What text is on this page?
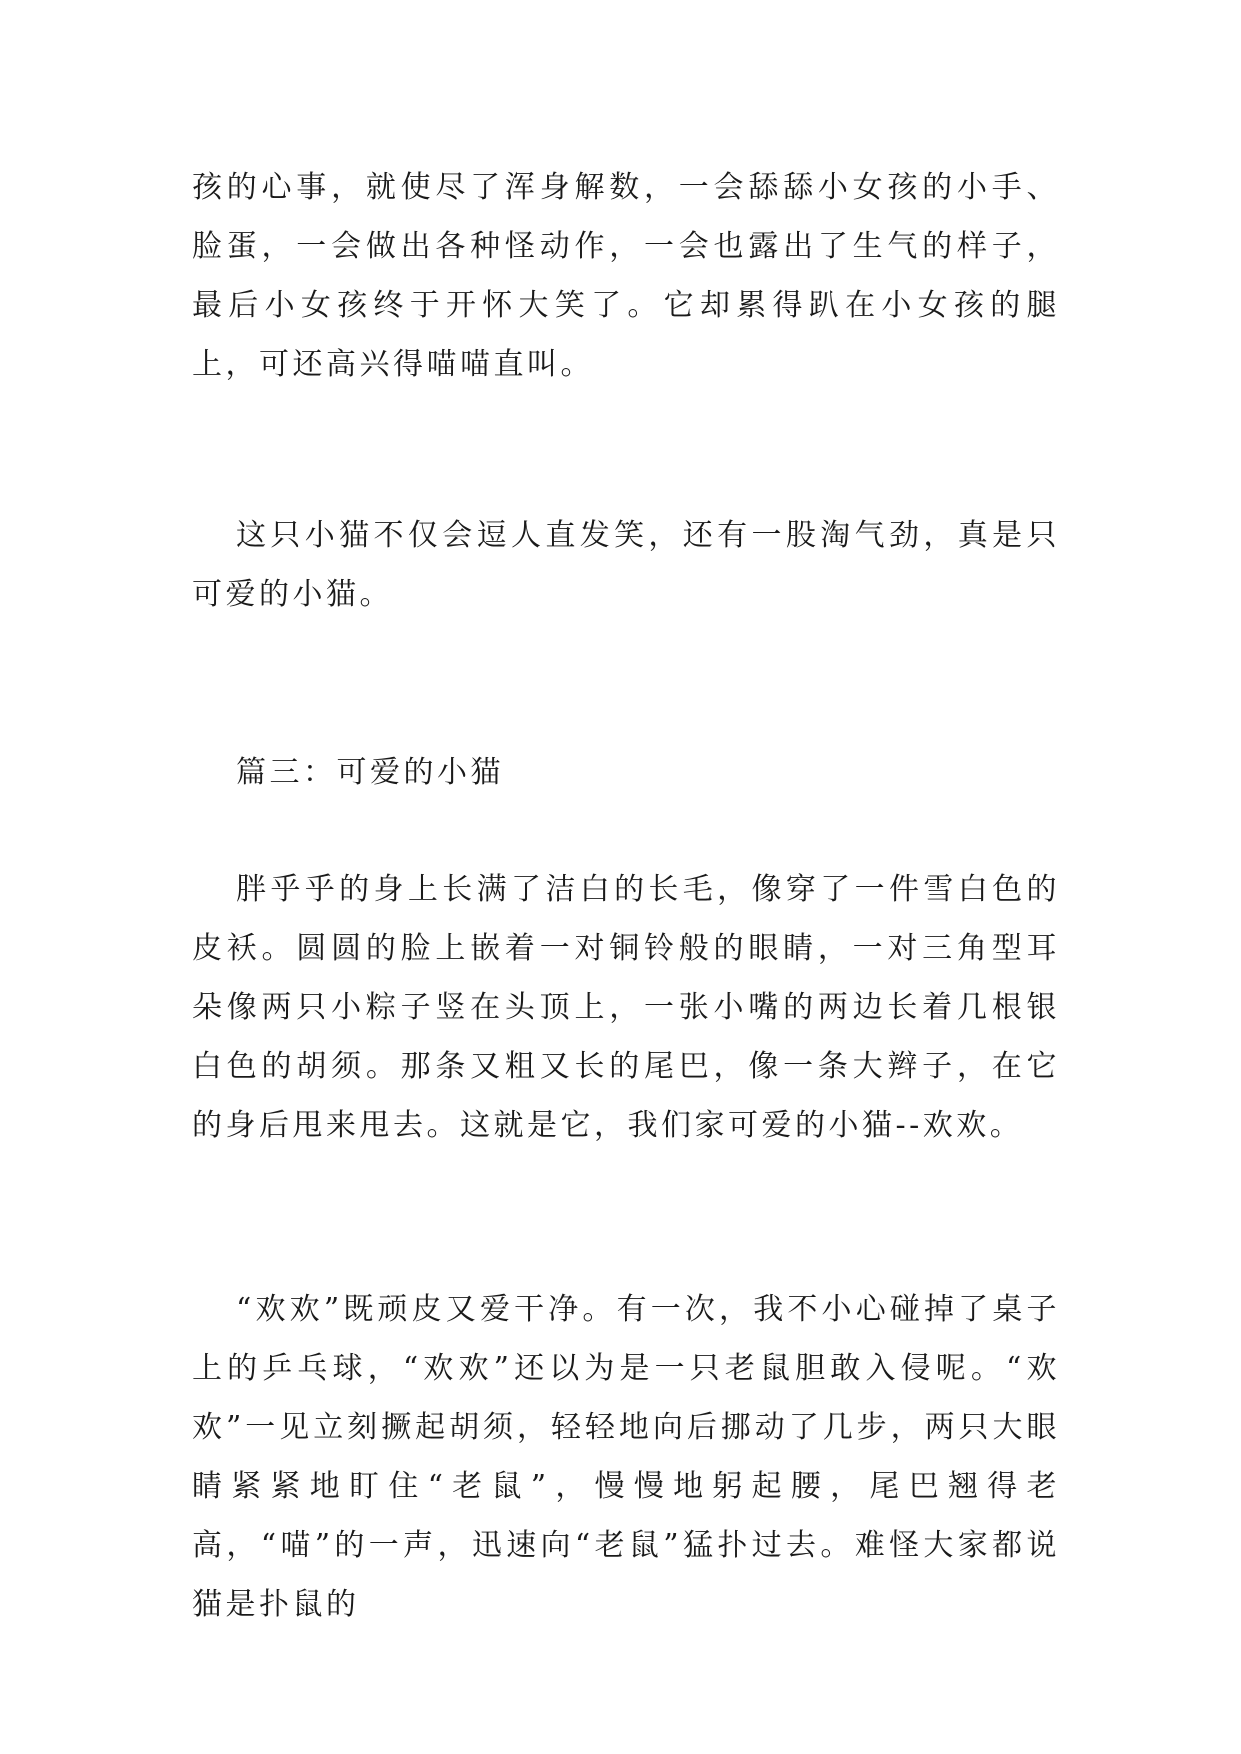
孩的心事，就使尽了浑身解数，一会舔舔小女孩的小手、脸蛋，一会做出各种怪动作，一会也露出了生气的样子，最后小女孩终于开怀大笑了。它却累得趴在小女孩的腿上，可还高兴得喵喵直叫。

这只小猫不仅会逗人直发笑，还有一股淘气劲，真是只可爱的小猫。

篇三：可爱的小猫

胖乎乎的身上长满了洁白的长毛，像穿了一件雪白色的皮袄。圆圆的脸上嵌着一对铜铃般的眼睛，一对三角型耳朵像两只小粽子竖在头顶上，一张小嘴的两边长着几根银白色的胡须。那条又粗又长的尾巴，像一条大辫子，在它的身后甩来甩去。这就是它，我们家可爱的小猫--欢欢。

“欢欢”既顽皮又爱干净。有一次，我不小心碰掉了桌子上的乒乓球，“欢欢”还以为是一只老鼠胆敢入侵呢。“欢欢”一见立刻撅起胡须，轻轻地向后挪动了几步，两只大眼睛紧紧地盯住“老鼠”，慢慢地躬起腰，尾巴翘得老高，“喵”的一声，迅速向“老鼠”猛扑过去。难怪大家都说猫是扑鼠的
